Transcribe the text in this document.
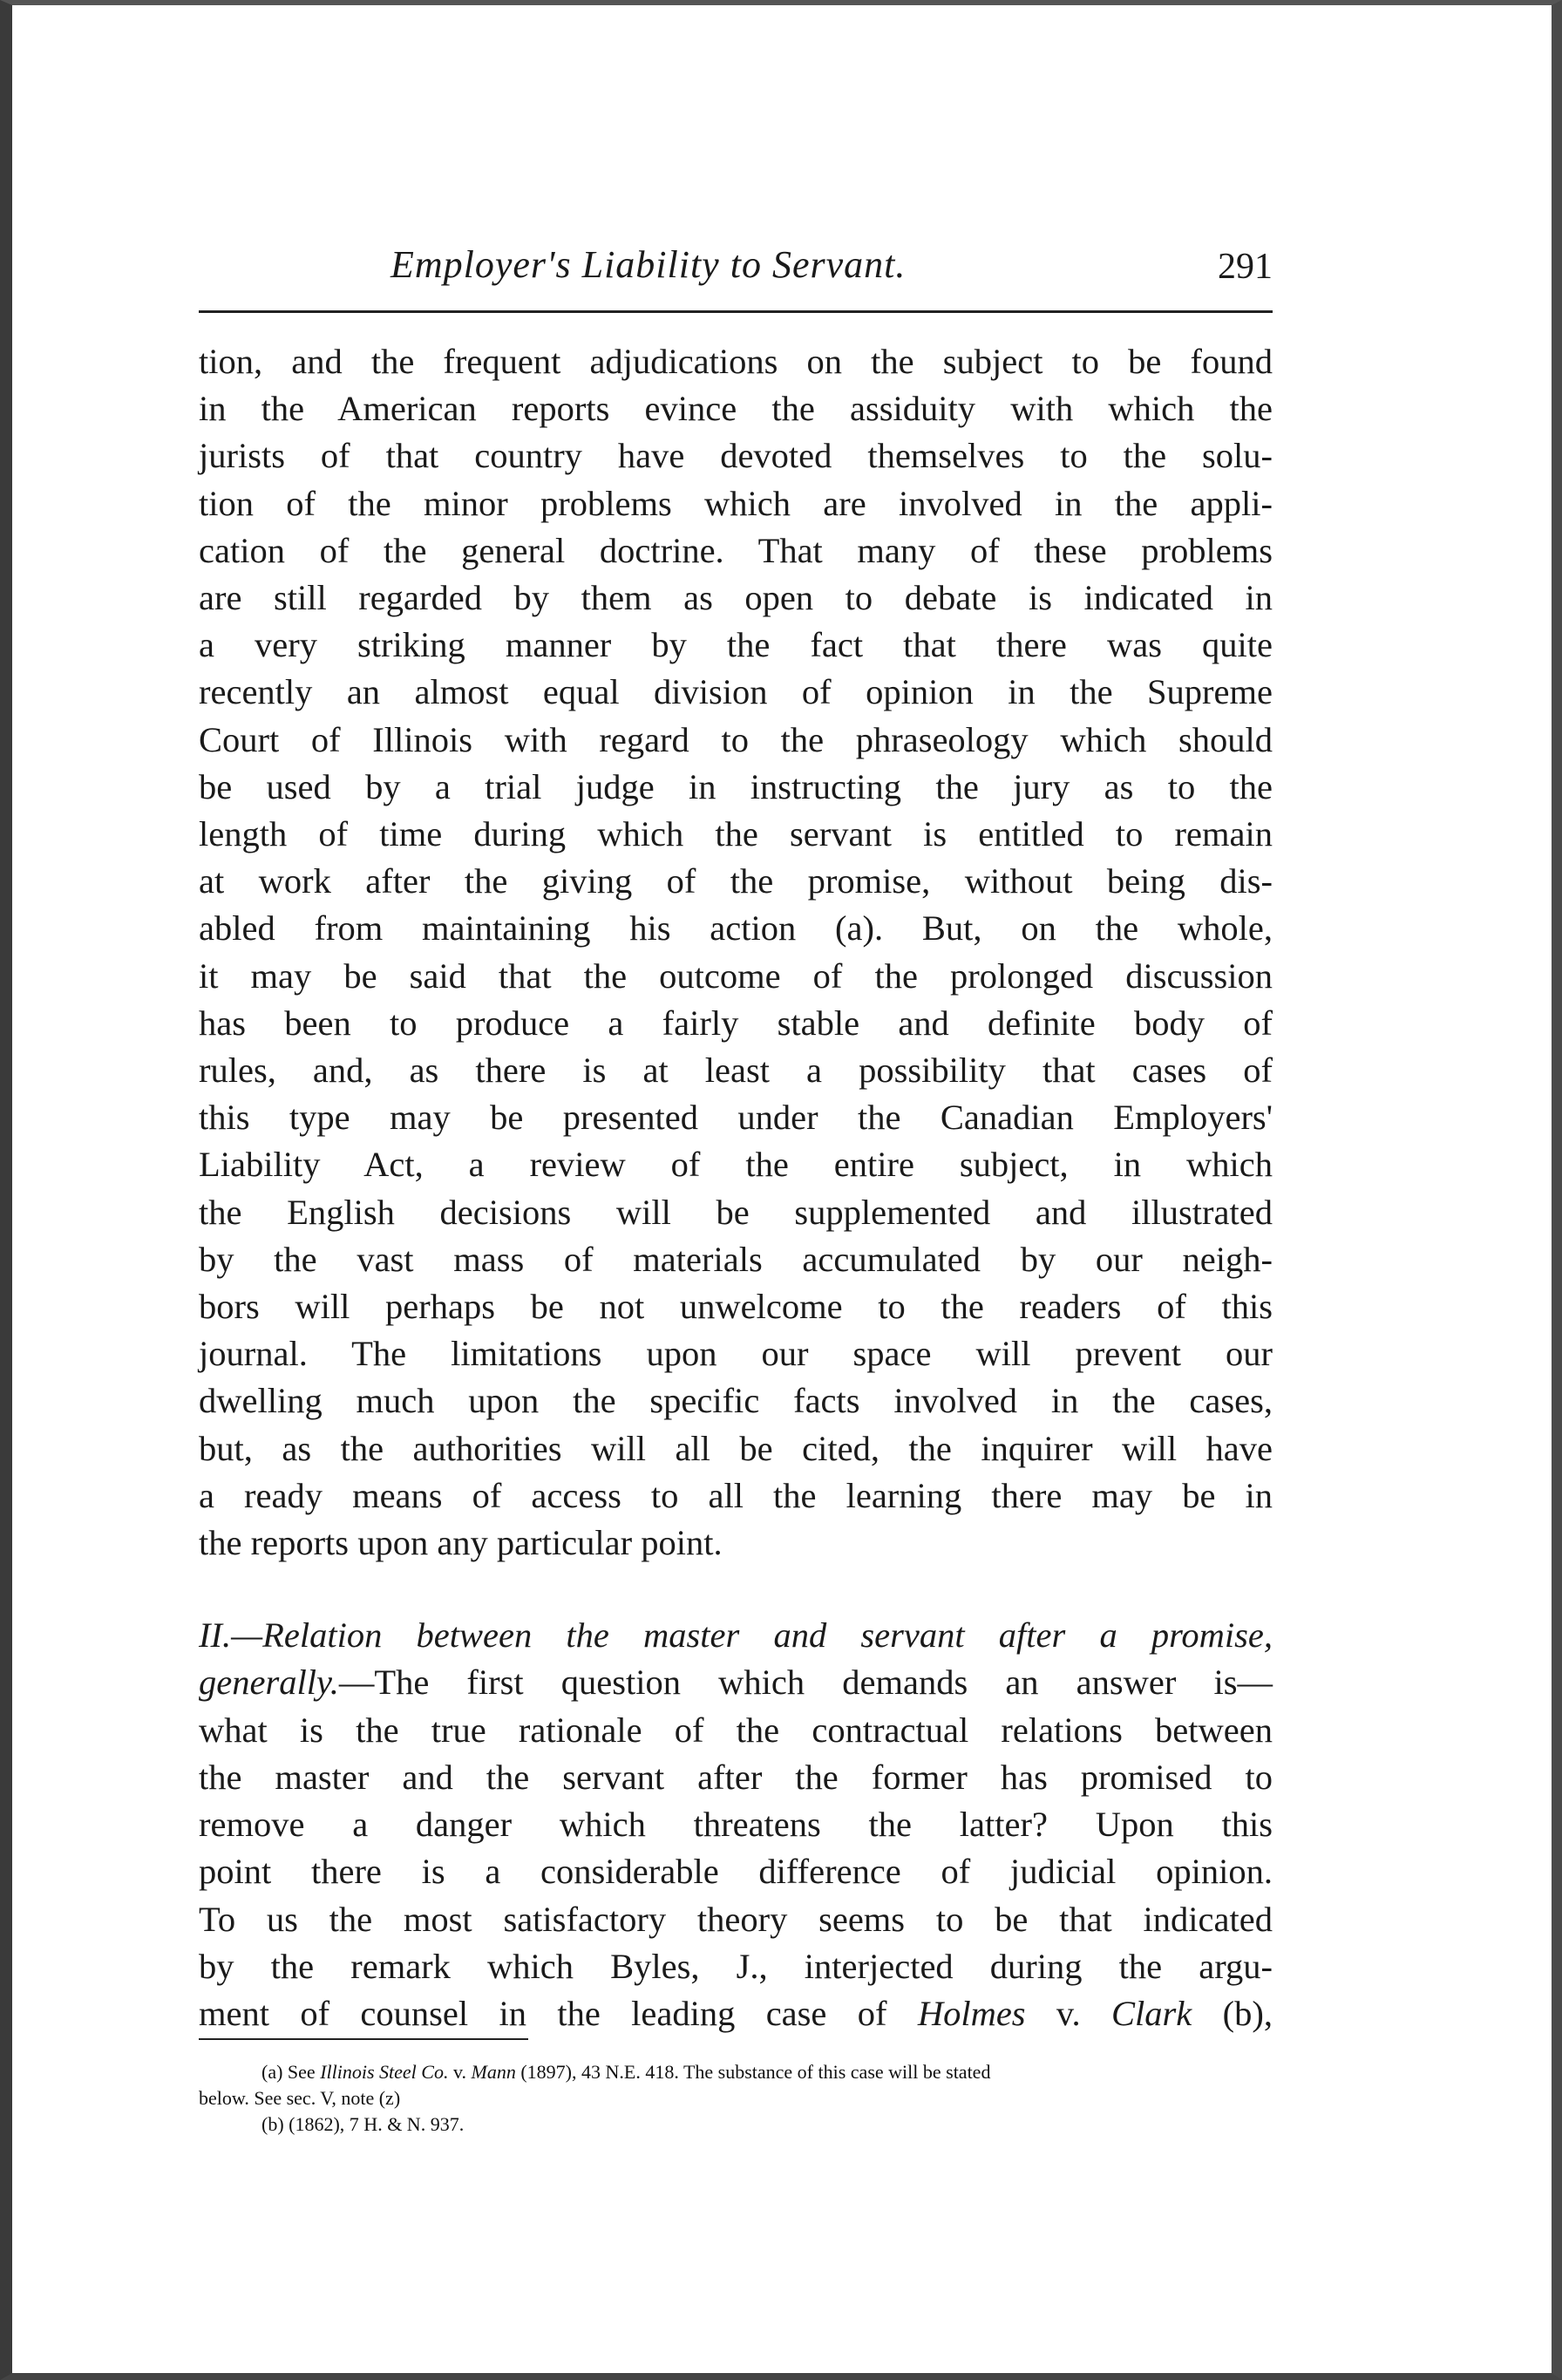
Employer's Liability to Servant.	291
tion, and the frequent adjudications on the subject to be found
in the American reports evince the assiduity with which the
jurists of that country have devoted themselves to the solu-
tion of the minor problems which are involved in the appli-
cation of the general doctrine. That many of these problems
are still regarded by them as open to debate is indicated in
a very striking manner by the fact that there was quite
recently an almost equal division of opinion in the Supreme
Court of Illinois with regard to the phraseology which should
be used by a trial judge in instructing the jury as to the
length of time during which the servant is entitled to remain
at work after the giving of the promise, without being dis-
abled from maintaining his action (a). But, on the whole,
it may be said that the outcome of the prolonged discussion
has been to produce a fairly stable and definite body of
rules, and, as there is at least a possibility that cases of
this type may be presented under the Canadian Employers'
Liability Act, a review of the entire subject, in which
the English decisions will be supplemented and illustrated
by the vast mass of materials accumulated by our neigh-
bors will perhaps be not unwelcome to the readers of this
journal. The limitations upon our space will prevent our
dwelling much upon the specific facts involved in the cases,
but, as the authorities will all be cited, the inquirer will have
a ready means of access to all the learning there may be in
the reports upon any particular point.
II.—Relation between the master and servant after a promise,
generally.—The first question which demands an answer is—
what is the true rationale of the contractual relations between
the master and the servant after the former has promised to
remove a danger which threatens the latter? Upon this
point there is a considerable difference of judicial opinion.
To us the most satisfactory theory seems to be that indicated
by the remark which Byles, J., interjected during the argu-
ment of counsel in the leading case of Holmes v. Clark (b),
(a) See Illinois Steel Co. v. Mann (1897), 43 N.E. 418. The substance of this case will be stated
below. See sec. V, note (z)
(b) (1862), 7 H. & N. 937.
